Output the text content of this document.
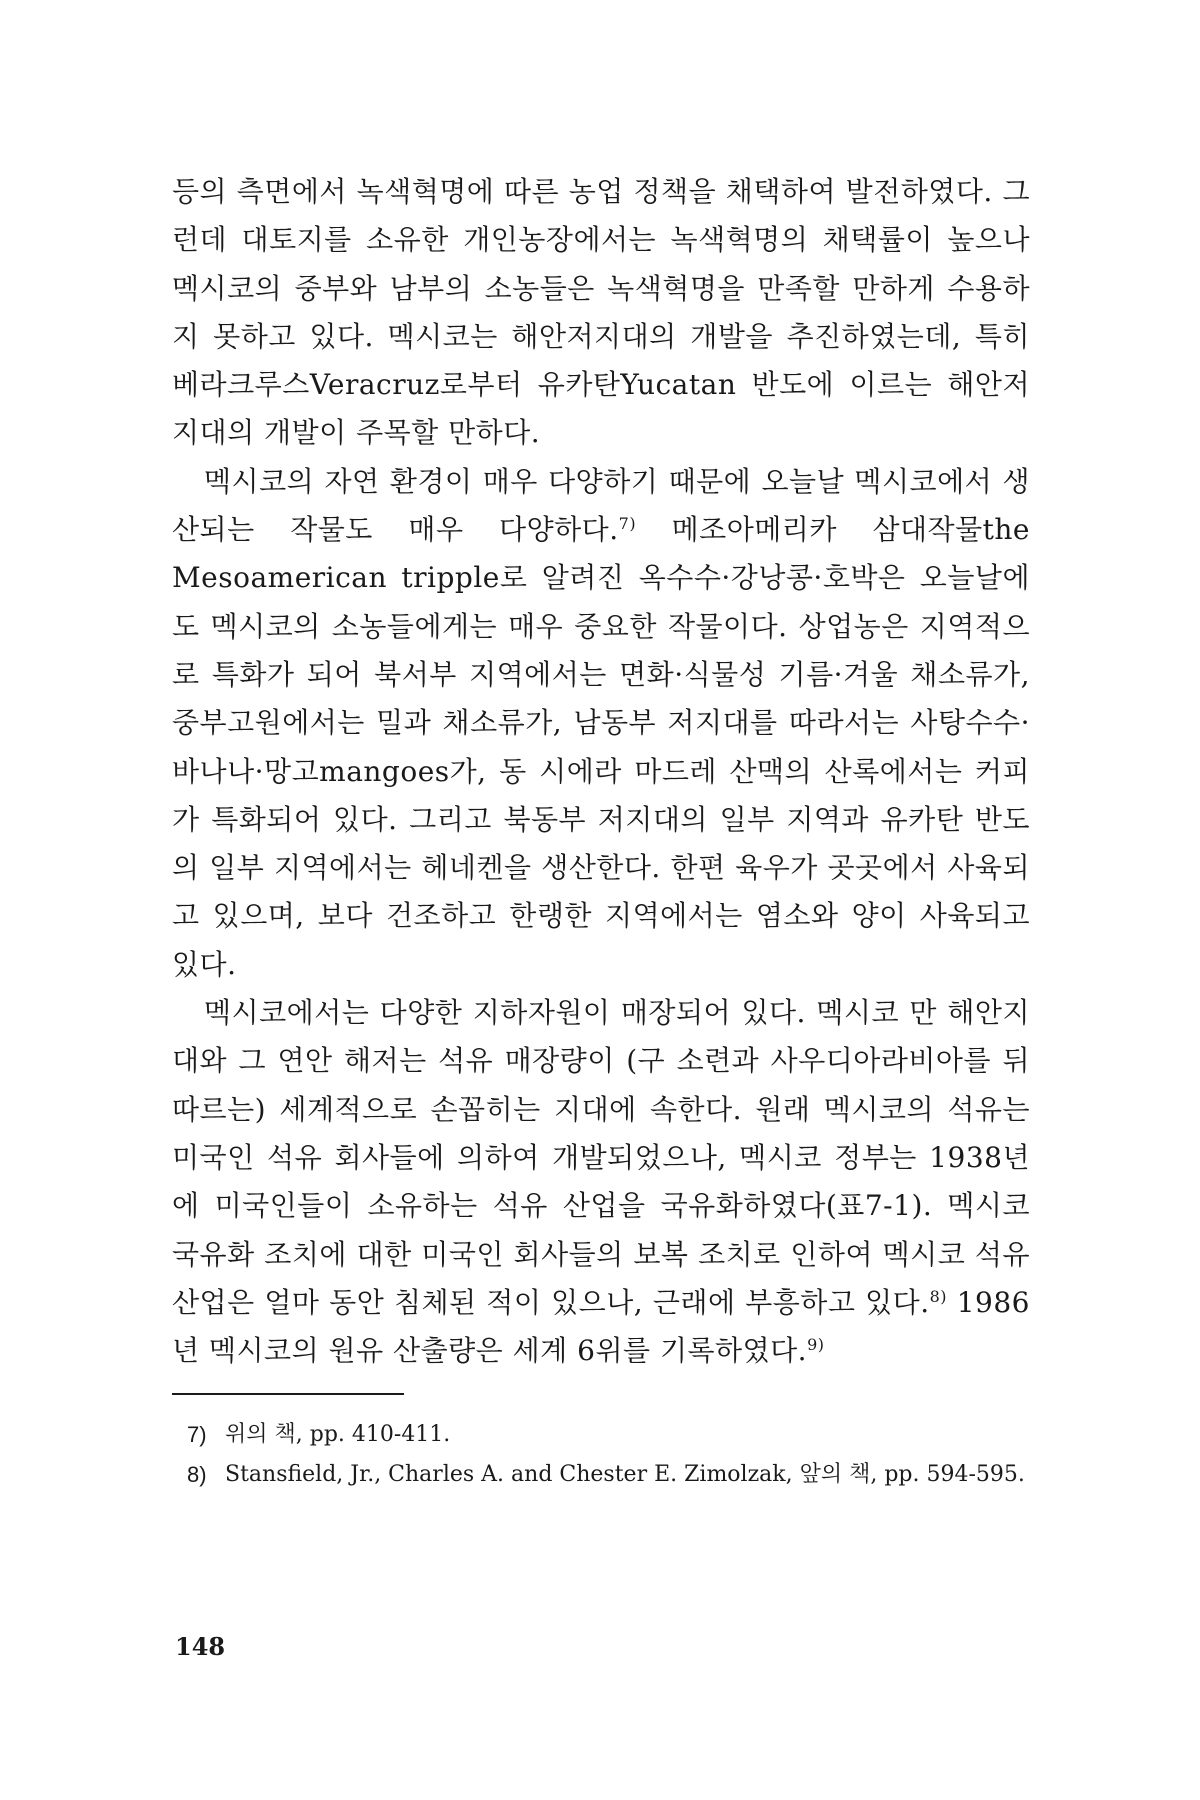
등의 측면에서 녹색혁명에 따른 농업 정책을 채택하여 발전하였다. 그런데 대토지를 소유한 개인농장에서는 녹색혁명의 채택률이 높으나 멕시코의 중부와 남부의 소농들은 녹색혁명을 만족할 만하게 수용하지 못하고 있다. 멕시코는 해안저지대의 개발을 추진하였는데, 특히 베라크루스Veracruz로부터 유카탄Yucatan 반도에 이르는 해안저지대의 개발이 주목할 만하다.

멕시코의 자연 환경이 매우 다양하기 때문에 오늘날 멕시코에서 생산되는 작물도 매우 다양하다.$^{7)}$ 메조아메리카 삼대작물the Mesoamerican tripple로 알려진 옥수수·강낭콩·호박은 오늘날에도 멕시코의 소농들에게는 매우 중요한 작물이다. 상업농은 지역적으로 특화가 되어 북서부 지역에서는 면화·식물성 기름·겨울 채소류가, 중부고원에서는 밀과 채소류가, 남동부 저지대를 따라서는 사탕수수·바나나·망고mangoes가, 동 시에라 마드레 산맥의 산록에서는 커피가 특화되어 있다. 그리고 북동부 저지대의 일부 지역과 유카탄 반도의 일부 지역에서는 헤네켄을 생산한다. 한편 육우가 곳곳에서 사육되고 있으며, 보다 건조하고 한랭한 지역에서는 염소와 양이 사육되고 있다.

멕시코에서는 다양한 지하자원이 매장되어 있다. 멕시코 만 해안지대와 그 연안 해저는 석유 매장량이 (구 소련과 사우디아라비아를 뒤따르는) 세계적으로 손꼽히는 지대에 속한다. 원래 멕시코의 석유는 미국인 석유 회사들에 의하여 개발되었으나, 멕시코 정부는 1938년에 미국인들이 소유하는 석유 산업을 국유화하였다(표7-1). 멕시코 국유화 조치에 대한 미국인 회사들의 보복 조치로 인하여 멕시코 석유 산업은 얼마 동안 침체된 적이 있으나, 근래에 부흥하고 있다.$^{8)}$ 1986년 멕시코의 원유 산출량은 세계 6위를 기록하였다.$^{9)}$

7) 위의 책, pp. 410-411.
8) Stansfield, Jr., Charles A. and Chester E. Zimolzak, 앞의 책, pp. 594-595.
148
